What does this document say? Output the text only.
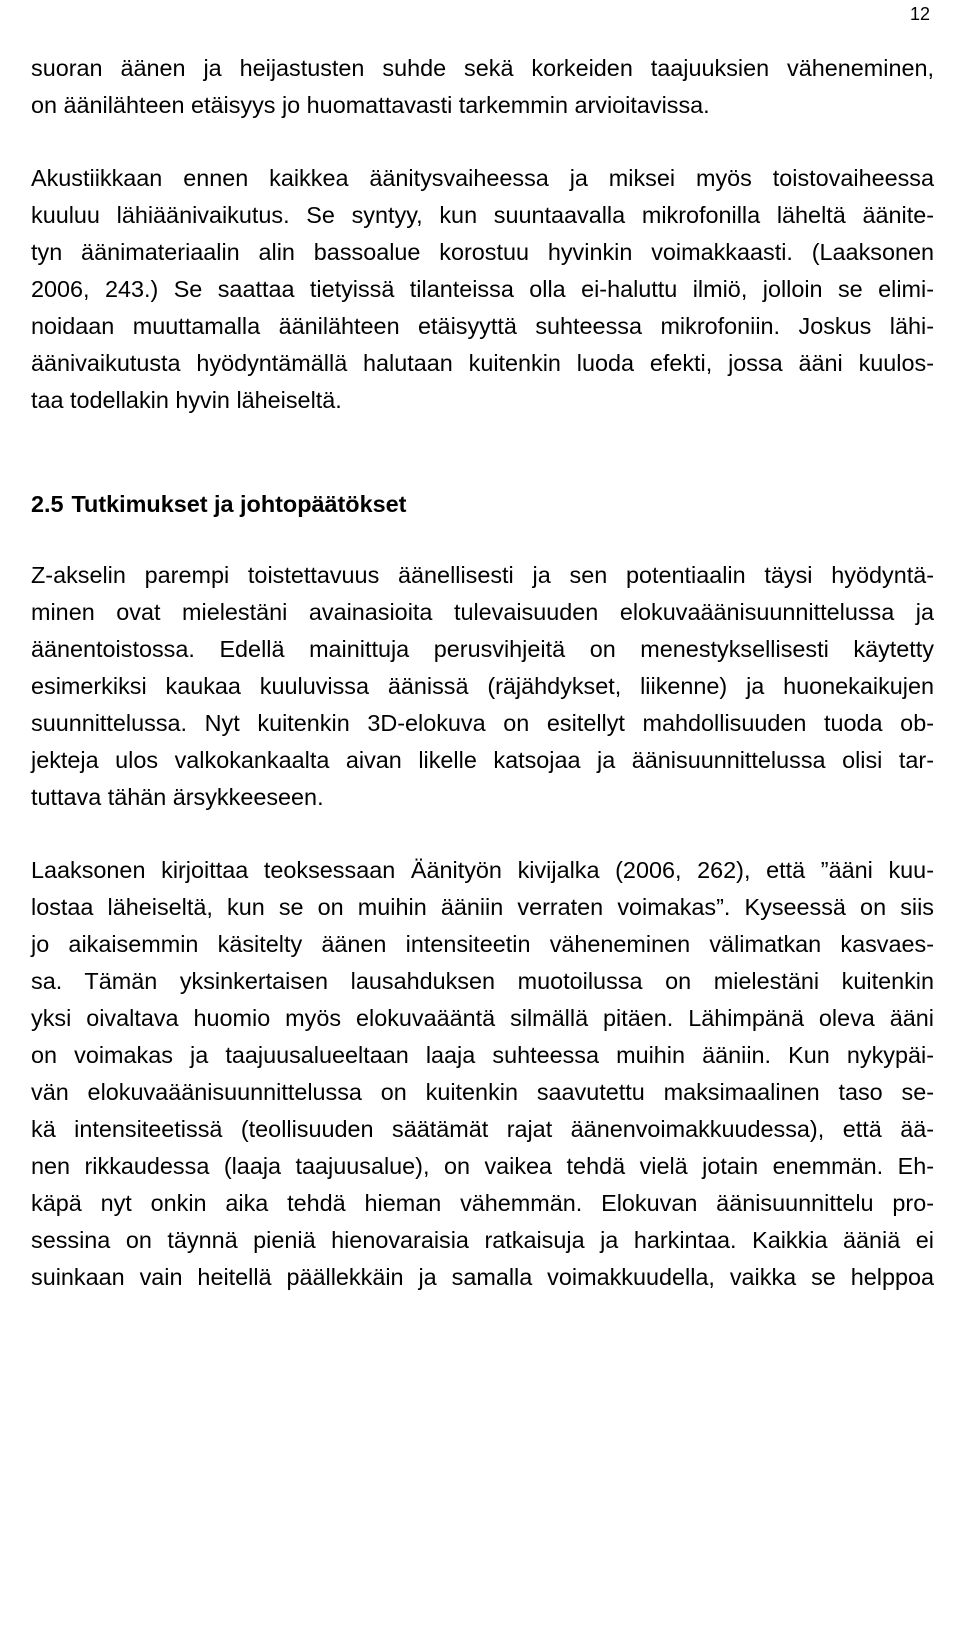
12
suoran äänen ja heijastusten suhde sekä korkeiden taajuuksien väheneminen,
on äänilähteen etäisyys jo huomattavasti tarkemmin arvioitavissa.
Akustiikkaan ennen kaikkea äänitysvaiheessa ja miksei myös toistovaiheessa
kuuluu lähiäänivaikutus. Se syntyy, kun suuntaavalla mikrofonilla läheltä äänite-
tyn äänimateriaalin alin bassoalue korostuu hyvinkin voimakkaasti. (Laaksonen
2006, 243.) Se saattaa tietyissä tilanteissa olla ei-haluttu ilmiö, jolloin se elimi-
noidaan muuttamalla äänilähteen etäisyyttä suhteessa mikrofoniin. Joskus lähi-
äänivaikutusta hyödyntämällä halutaan kuitenkin luoda efekti, jossa ääni kuulos-
taa todellakin hyvin läheiseltä.
2.5 Tutkimukset ja johtopäätökset
Z-akselin parempi toistettavuus äänellisesti ja sen potentiaalin täysi hyödyntä-
minen ovat mielestäni avainasioita tulevaisuuden elokuvaäänisuunnittelussa ja
äänentoistossa. Edellä mainittuja perusvihjeitä on menestyksellisesti käytetty
esimerkiksi kaukaa kuuluvissa äänissä (räjähdykset, liikenne) ja huonekaikujen
suunnittelussa. Nyt kuitenkin 3D-elokuva on esitellyt mahdollisuuden tuoda ob-
jekteja ulos valkokankaalta aivan likelle katsojaa ja äänisuunnittelussa olisi tar-
tuttava tähän ärsykkeeseen.
Laaksonen kirjoittaa teoksessaan Äänityön kivijalka (2006, 262), että ”ääni kuu-
lostaa läheiseltä, kun se on muihin ääniin verraten voimakas”. Kyseessä on siis
jo aikaisemmin käsitelty äänen intensiteetin väheneminen välimatkan kasvaes-
sa. Tämän yksinkertaisen lausahduksen muotoilussa on mielestäni kuitenkin
yksi oivaltava huomio myös elokuvaääntä silmällä pitäen. Lähimpänä oleva ääni
on voimakas ja taajuusalueeltaan laaja suhteessa muihin ääniin. Kun nykypäi-
vän elokuvaäänisuunnittelussa on kuitenkin saavutettu maksimaalinen taso se-
kä intensiteetissä (teollisuuden säätämät rajat äänenvoimakkuudessa), että ää-
nen rikkaudessa (laaja taajuusalue), on vaikea tehdä vielä jotain enemmän. Eh-
käpä nyt onkin aika tehdä hieman vähemmän. Elokuvan äänisuunnittelu pro-
sessina on täynnä pieniä hienovaraisia ratkaisuja ja harkintaa. Kaikkia ääniä ei
suinkaan vain heitellä päällekkäin ja samalla voimakkuudella, vaikka se helppoa
